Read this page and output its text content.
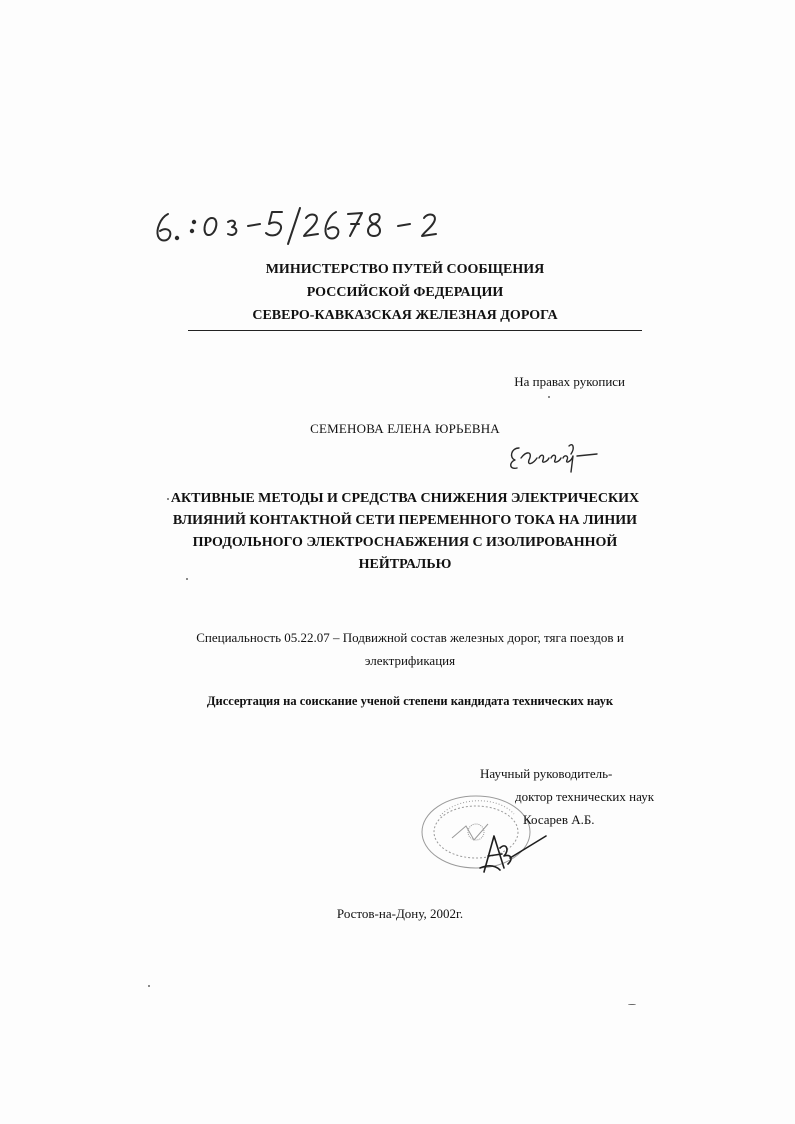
6. :03-5/2678-2
МИНИСТЕРСТВО ПУТЕЙ СООБЩЕНИЯ
РОССИЙСКОЙ ФЕДЕРАЦИИ
СЕВЕРО-КАВКАЗСКАЯ ЖЕЛЕЗНАЯ ДОРОГА
На правах рукописи
СЕМЕНОВА ЕЛЕНА ЮРЬЕВНА
АКТИВНЫЕ МЕТОДЫ И СРЕДСТВА СНИЖЕНИЯ ЭЛЕКТРИЧЕСКИХ
ВЛИЯНИЙ КОНТАКТНОЙ СЕТИ ПЕРЕМЕННОГО ТОКА НА ЛИНИИ
ПРОДОЛЬНОГО ЭЛЕКТРОСНАБЖЕНИЯ С ИЗОЛИРОВАННОЙ
НЕЙТРАЛЬЮ
Специальность 05.22.07 – Подвижной состав железных дорог, тяга поездов и
электрификация
Диссертация на соискание ученой степени кандидата технических наук
Научный руководитель-
доктор технических наук
Косарев А.Б.
Ростов-на-Дону, 2002г.
